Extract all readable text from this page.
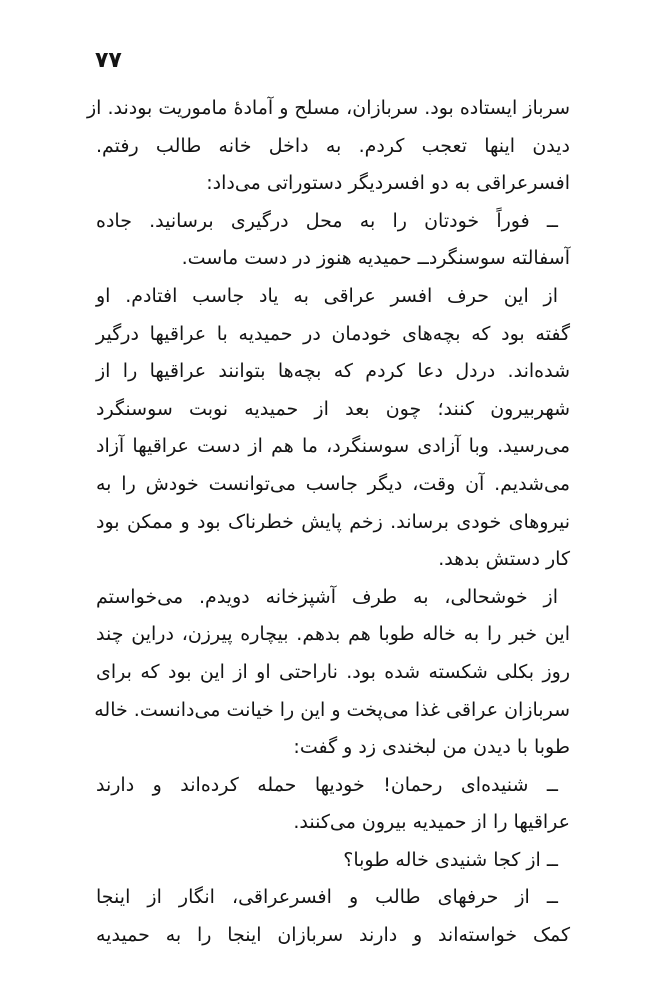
۷۷
سرباز ایستاده بود. سربازان، مسلح و آمادهٔ ماموریت بودند. از
دیدن اینها تعجب کردم. به داخل خانه طالب رفتم.
افسرعراقی به دو افسردیگر دستوراتی می‌داد:
ــ فوراً خودتان را به محل درگیری برسانید. جاده
آسفالته سوسنگردــ حمیدیه هنوز در دست ماست.
از این حرف افسر عراقی به یاد جاسب افتادم. او
گفته بود که بچه‌های خودمان در حمیدیه با عراقیها درگیر
شده‌اند. دردل دعا کردم که بچه‌ها بتوانند عراقیها را از
شهربیرون کنند؛ چون بعد از حمیدیه نوبت سوسنگرد
می‌رسید. وبا آزادی سوسنگرد، ما هم از دست عراقیها آزاد
می‌شدیم. آن وقت، دیگر جاسب می‌توانست خودش را به
نیروهای خودی برساند. زخم پایش خطرناک بود و ممکن بود
کار دستش بدهد.
از خوشحالی، به طرف آشپزخانه دویدم. می‌خواستم
این خبر را به خاله طوبا هم بدهم. بیچاره پیرزن، دراین چند
روز بکلی شکسته شده بود. ناراحتی او از این بود که برای
سربازان عراقی غذا می‌پخت و این را خیانت می‌دانست. خاله
طوبا با دیدن من لبخندی زد و گفت:
ــ شنیده‌ای رحمان! خودیها حمله کرده‌اند و دارند
عراقیها را از حمیدیه بیرون می‌کنند.
ــ از کجا شنیدی خاله طوبا؟
ــ از حرفهای طالب و افسرعراقی، انگار از اینجا
کمک خواسته‌اند و دارند سربازان اینجا را به حمیدیه
